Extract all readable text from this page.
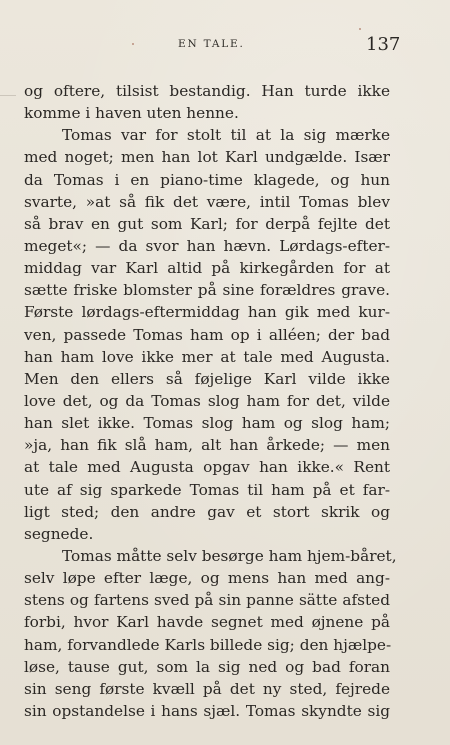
EN TALE.	137
og oftere, tilsist bestandig. Han turde ikke
komme i haven uten henne.
Tomas var for stolt til at la sig mærke
med noget; men han lot Karl undgælde. Især
da Tomas i en piano-time klagede, og hun
svarte, »at så fik det være, intil Tomas blev
så brav en gut som Karl; for derpå fejlte det
meget«; — da svor han hævn. Lørdags-efter-
middag var Karl altid på kirkegården for at
sætte friske blomster på sine forældres grave.
Første lørdags-eftermiddag han gik med kur-
ven, passede Tomas ham op i alléen; der bad
han ham love ikke mer at tale med Augusta.
Men den ellers så føjelige Karl vilde ikke
love det, og da Tomas slog ham for det, vilde
han slet ikke. Tomas slog ham og slog ham;
»ja, han fik slå ham, alt han årkede; — men
at tale med Augusta opgav han ikke.« Rent
ute af sig sparkede Tomas til ham på et far-
ligt sted; den andre gav et stort skrik og
segnede.
Tomas måtte selv besørge ham hjem-båret,
selv løpe efter læge, og mens han med ang-
stens og fartens sved på sin panne sätte afsted
forbi, hvor Karl havde segnet med øjnene på
ham, forvandlede Karls billede sig; den hjælpe-
løse, tause gut, som la sig ned og bad foran
sin seng første kvæll på det ny sted, fejrede
sin opstandelse i hans sjæl. Tomas skyndte sig
